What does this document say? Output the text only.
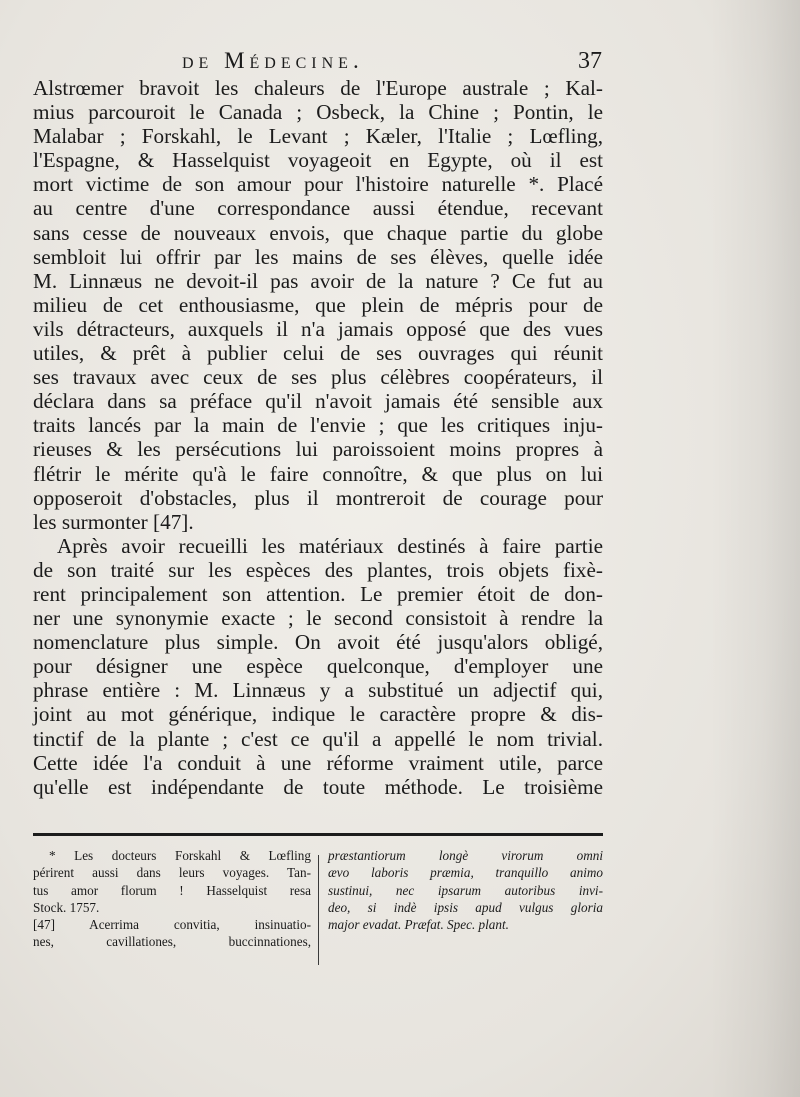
de Médecine.	37
Alstrœmer bravoit les chaleurs de l'Europe australe ; Kal-
mius parcouroit le Canada ; Osbeck, la Chine ; Pontin, le
Malabar ; Forskahl, le Levant ; Kæler, l'Italie ; Lœfling,
l'Espagne, & Hasselquist voyageoit en Egypte, où il est
mort victime de son amour pour l'histoire naturelle *. Placé
au centre d'une correspondance aussi étendue, recevant
sans cesse de nouveaux envois, que chaque partie du globe
sembloit lui offrir par les mains de ses élèves, quelle idée
M. Linnæus ne devoit-il pas avoir de la nature ? Ce fut au
milieu de cet enthousiasme, que plein de mépris pour de
vils détracteurs, auxquels il n'a jamais opposé que des vues
utiles, & prêt à publier celui de ses ouvrages qui réunit
ses travaux avec ceux de ses plus célèbres coopérateurs, il
déclara dans sa préface qu'il n'avoit jamais été sensible aux
traits lancés par la main de l'envie ; que les critiques inju-
rieuses & les persécutions lui paroissoient moins propres à
flétrir le mérite qu'à le faire connoître, & que plus on lui
opposeroit d'obstacles, plus il montreroit de courage pour
les surmonter [47].
Après avoir recueilli les matériaux destinés à faire partie
de son traité sur les espèces des plantes, trois objets fixè-
rent principalement son attention. Le premier étoit de don-
ner une synonymie exacte ; le second consistoit à rendre la
nomenclature plus simple. On avoit été jusqu'alors obligé,
pour désigner une espèce quelconque, d'employer une
phrase entière : M. Linnæus y a substitué un adjectif qui,
joint au mot générique, indique le caractère propre & dis-
tinctif de la plante ; c'est ce qu'il a appellé le nom trivial.
Cette idée l'a conduit à une réforme vraiment utile, parce
qu'elle est indépendante de toute méthode. Le troisième
* Les docteurs Forskahl & Lœfling
périrent aussi dans leurs voyages. Tan-
tus amor florum ! Hasselquist resa
Stock. 1757.
[47] Acerrima convitia, insinuatio-
nes, cavillationes, buccinnationes,
præstantiorum longè virorum omni
ævo laboris præmia, tranquillo animo
sustinui, nec ipsarum autoribus invi-
deo, si indè ipsis apud vulgus gloria
major evadat. Præfat. Spec. plant.
